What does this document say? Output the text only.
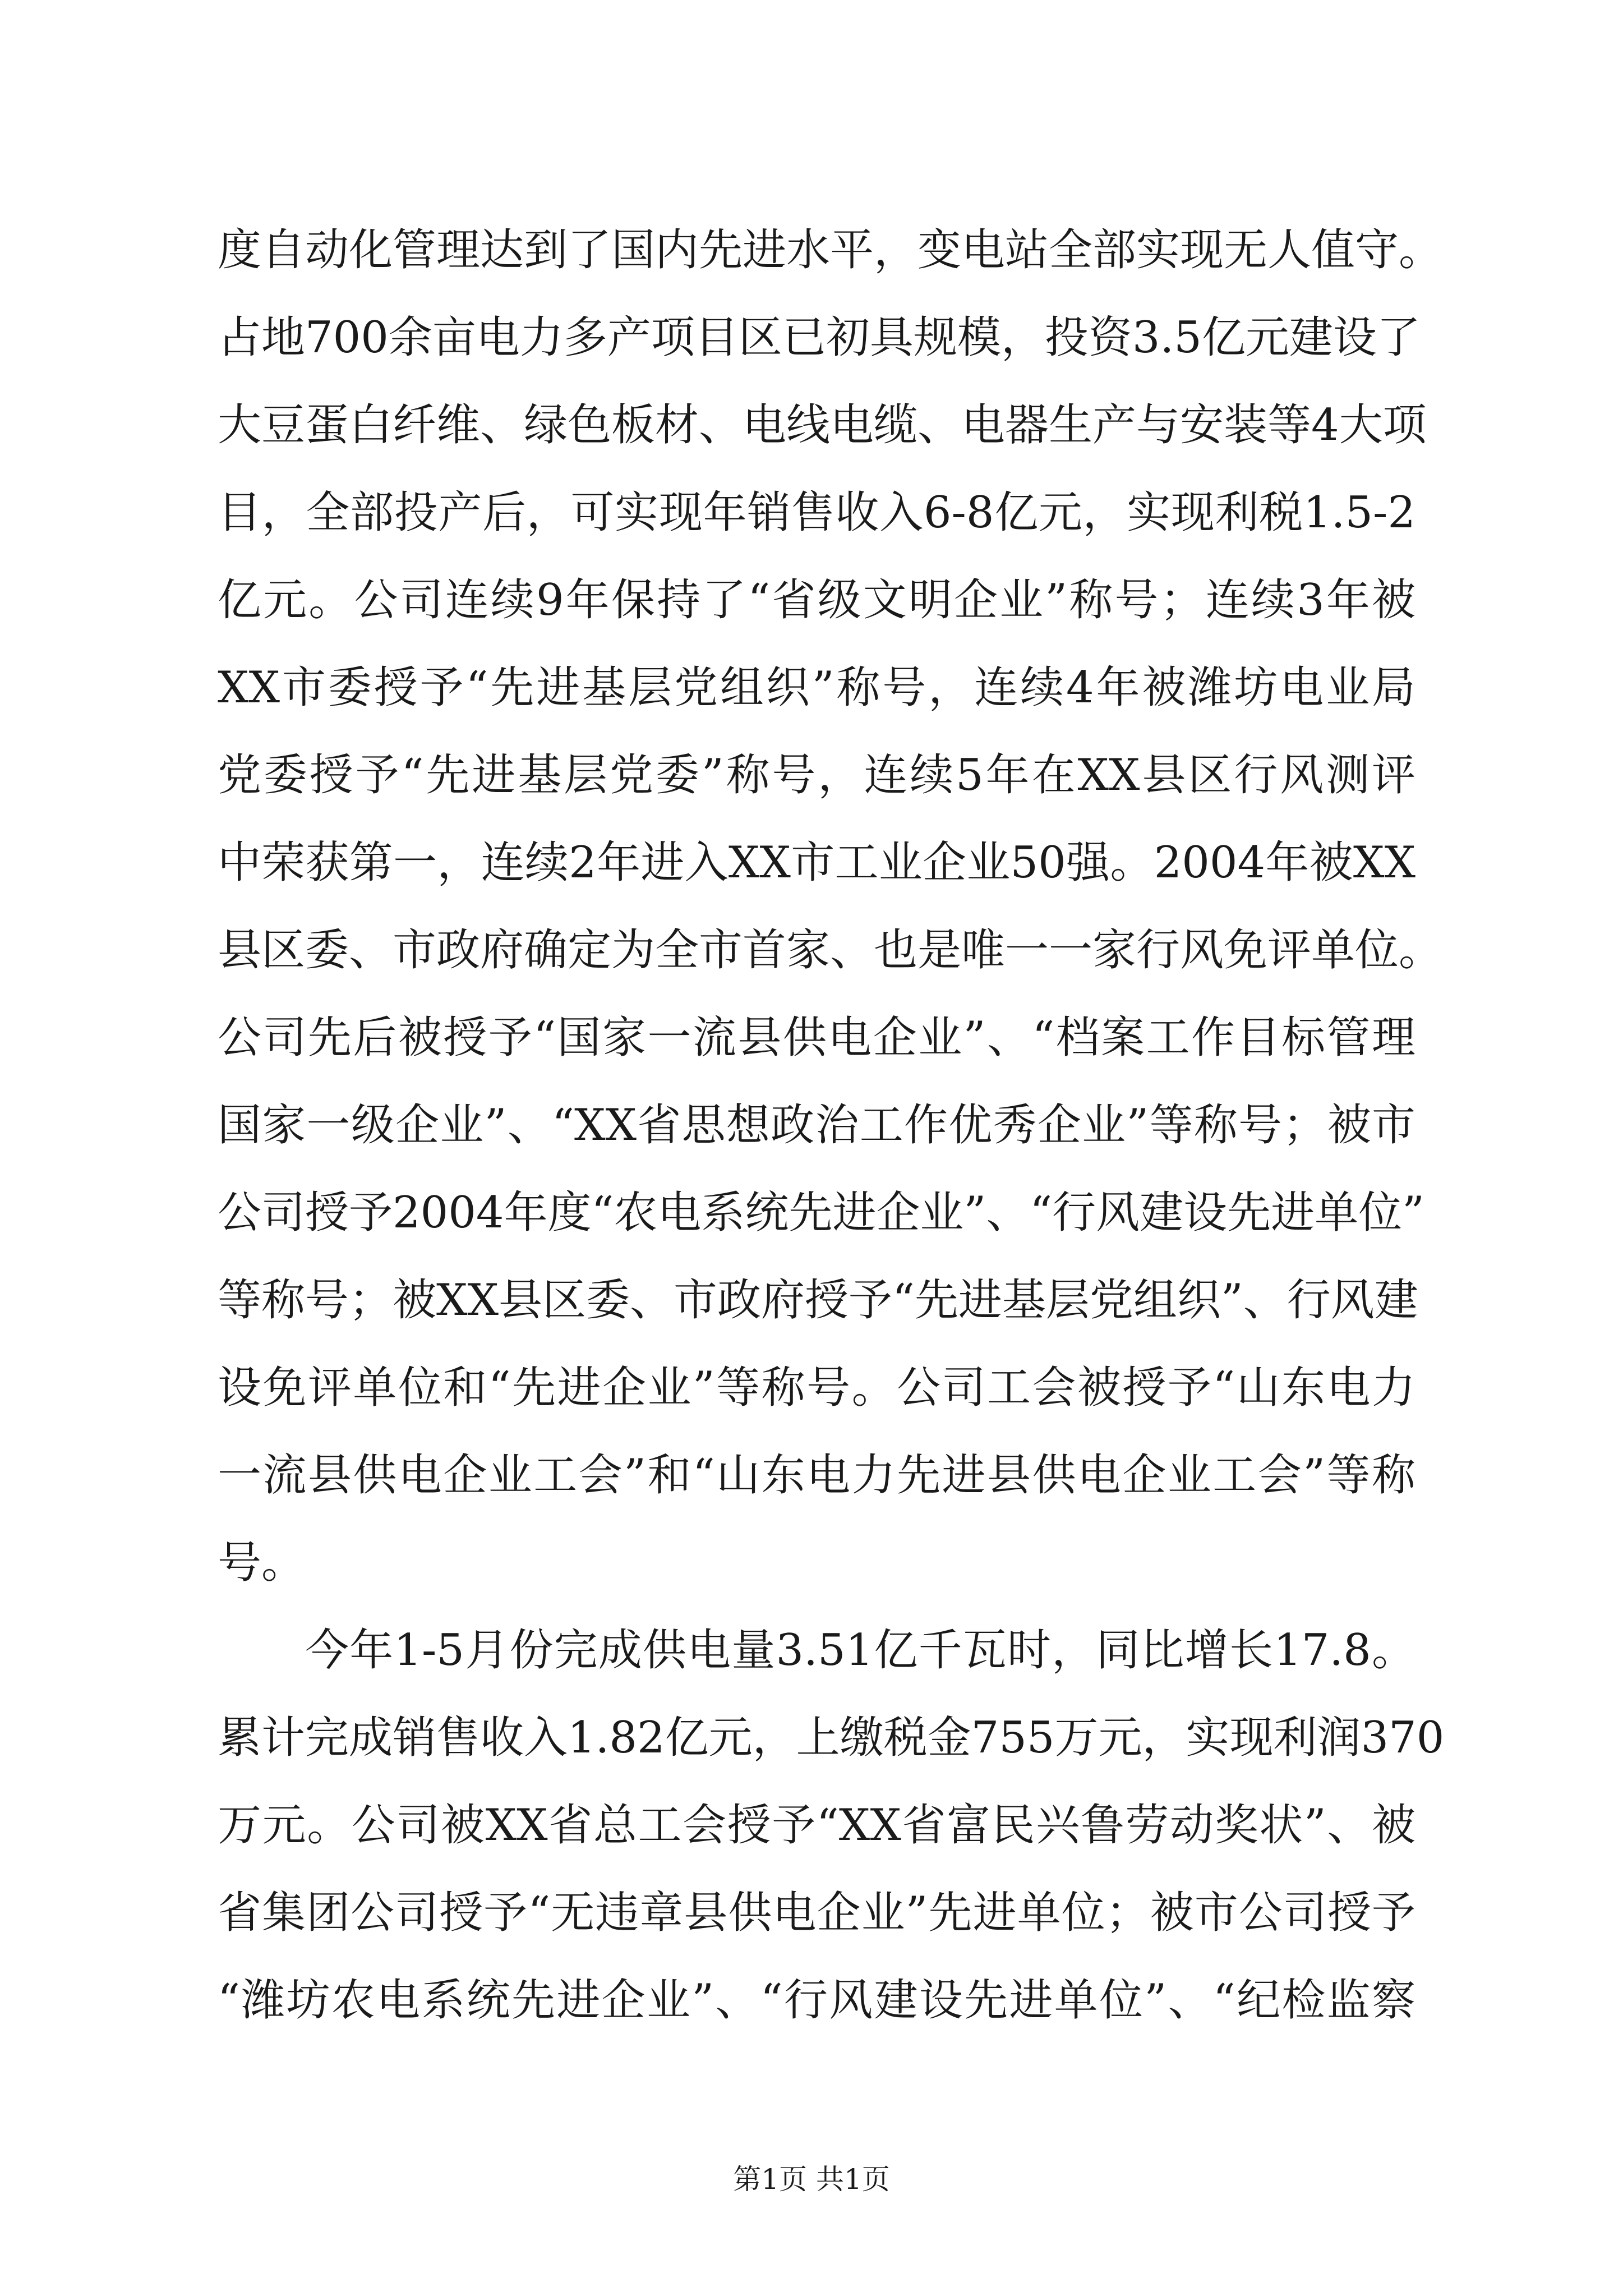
度自动化管理达到了国内先进水平，变电站全部实现无人值守。
占地700余亩电力多产项目区已初具规模，投资3.5亿元建设了
大豆蛋白纤维、绿色板材、电线电缆、电器生产与安装等4大项
目，全部投产后，可实现年销售收入6-8亿元，实现利税1.5-2
亿元。公司连续9年保持了“省级文明企业”称号；连续3年被
XX市委授予“先进基层党组织”称号，连续4年被潍坊电业局
党委授予“先进基层党委”称号，连续5年在XX县区行风测评
中荣获第一，连续2年进入XX市工业企业50强。2004年被XX
县区委、市政府确定为全市首家、也是唯一一家行风免评单位。
公司先后被授予“国家一流县供电企业”、“档案工作目标管理
国家一级企业”、“XX省思想政治工作优秀企业”等称号；被市
公司授予2004年度“农电系统先进企业”、“行风建设先进单位”
等称号；被XX县区委、市政府授予“先进基层党组织”、行风建
设免评单位和“先进企业”等称号。公司工会被授予“山东电力
一流县供电企业工会”和“山东电力先进县供电企业工会”等称
号。
今年1-5月份完成供电量3.51亿千瓦时，同比增长17.8。
累计完成销售收入1.82亿元，上缴税金755万元，实现利润370
万元。公司被XX省总工会授予“XX省富民兴鲁劳动奖状”、被
省集团公司授予“无违章县供电企业”先进单位；被市公司授予
“潍坊农电系统先进企业”、“行风建设先进单位”、“纪检监察
第1页 共1页
